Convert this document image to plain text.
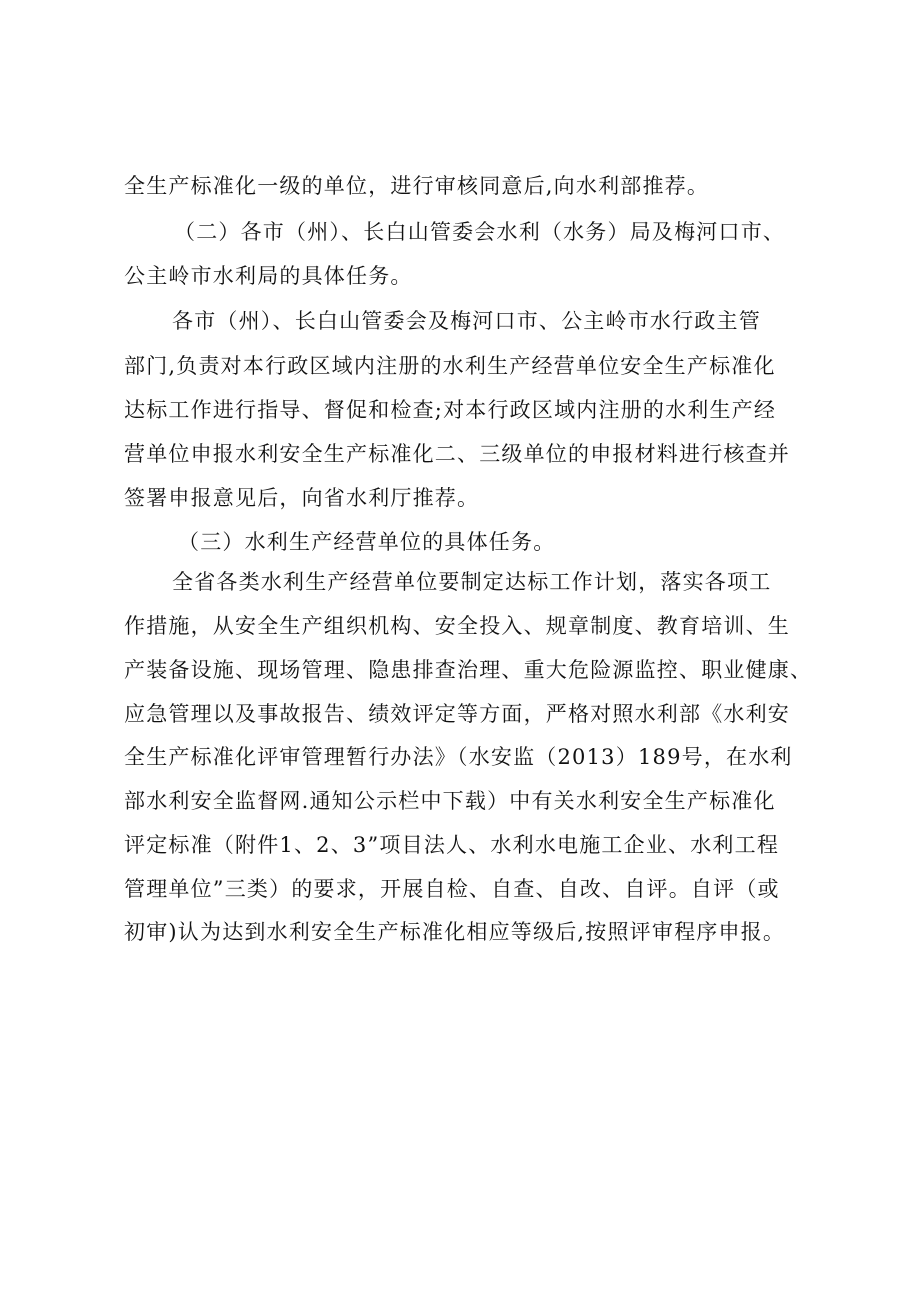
全生产标准化一级的单位，进行审核同意后,向水利部推荐。
（二）各市（州）、长白山管委会水利（水务）局及梅河口市、
公主岭市水利局的具体任务。
各市（州）、长白山管委会及梅河口市、公主岭市水行政主管
部门,负责对本行政区域内注册的水利生产经营单位安全生产标准化
达标工作进行指导、督促和检查;对本行政区域内注册的水利生产经
营单位申报水利安全生产标准化二、三级单位的申报材料进行核查并
签署申报意见后，向省水利厅推荐。
（三）水利生产经营单位的具体任务。
全省各类水利生产经营单位要制定达标工作计划，落实各项工
作措施，从安全生产组织机构、安全投入、规章制度、教育培训、生
产装备设施、现场管理、隐患排查治理、重大危险源监控、职业健康、
应急管理以及事故报告、绩效评定等方面，严格对照水利部《水利安
全生产标准化评审管理暂行办法》（水安监（2013）189号，在水利
部水利安全监督网.通知公示栏中下载）中有关水利安全生产标准化
评定标准（附件1、2、3”项目法人、水利水电施工企业、水利工程
管理单位”三类）的要求，开展自检、自查、自改、自评。自评（或
初审)认为达到水利安全生产标准化相应等级后,按照评审程序申报。
